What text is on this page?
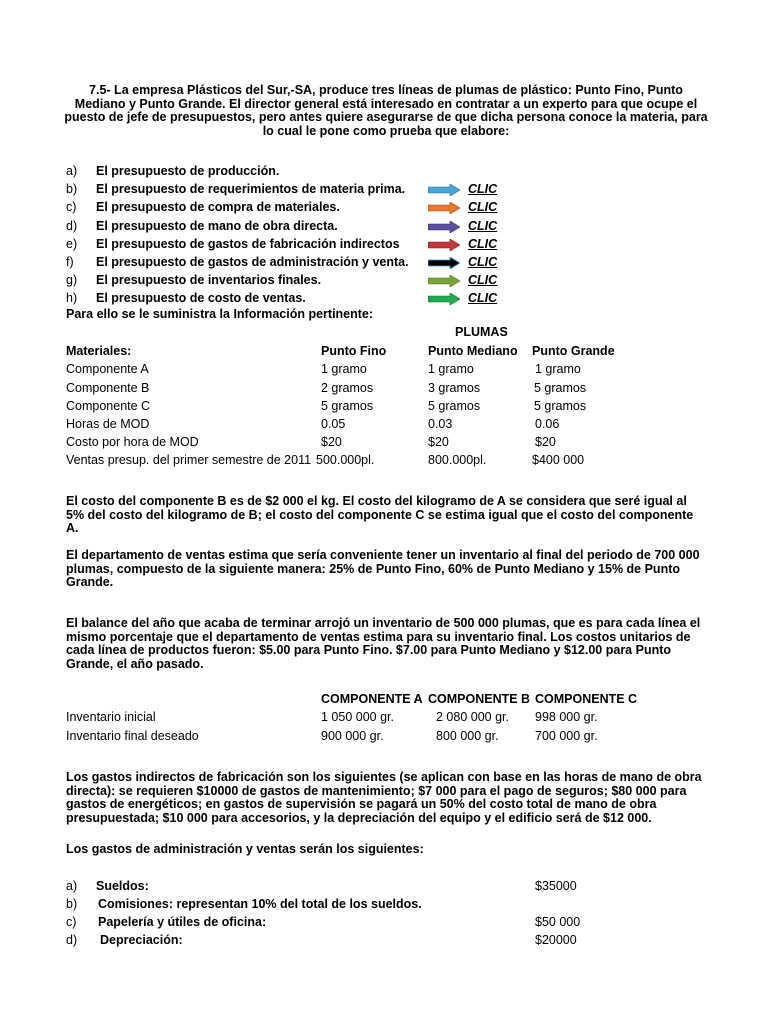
7.5- La empresa Plásticos del Sur,-SA, produce tres líneas de plumas de plástico: Punto Fino, Punto Mediano y Punto Grande. El director general está interesado en contratar a un experto para que ocupe el puesto de jefe de presupuestos, pero antes quiere asegurarse de que dicha persona conoce la materia, para lo cual le pone como prueba que elabore:
a) El presupuesto de producción.
b) El presupuesto de requerimientos de materia prima.	CLIC
c) El presupuesto de compra de materiales.	CLIC
d) El presupuesto de mano de obra directa.	CLIC
e) El presupuesto de gastos de fabricación indirectos	CLIC
f) El presupuesto de gastos de administración y venta.	CLIC
g) El presupuesto de inventarios finales.	CLIC
h) El presupuesto de costo de ventas.	CLIC
Para ello se le suministra la Información pertinente:
PLUMAS
Materiales:	Punto Fino	Punto Mediano Punto Grande
Componente A	1 gramo	1 gramo	1 gramo
Componente B	2 gramos	3 gramos	5 gramos
Componente C	5 gramos	5 gramos	5 gramos
Horas de MOD	0.05	0.03	0.06
Costo por hora de MOD	$20	$20	$20
Ventas presup. del primer semestre de 2011 500.000pl.	800.000pl.	$400 000
El costo del componente B es de $2 000 el kg. El costo del kilogramo de A se considera que seré igual al 5% del costo del kilogramo de B; el costo del componente C se estima igual que el costo del componente A.
El departamento de ventas estima que sería conveniente tener un inventario al final del periodo de 700 000 plumas, compuesto de la siguiente manera: 25% de Punto Fino, 60% de Punto Mediano y 15% de Punto Grande.
El balance del año que acaba de terminar arrojó un inventario de 500 000 plumas, que es para cada línea el mismo porcentaje que el departamento de ventas estima para su inventario final. Los costos unitarios de cada línea de productos fueron: $5.00 para Punto Fino. $7.00 para Punto Mediano y $12.00 para Punto Grande, el año pasado.
COMPONENTE A COMPONENTE B COMPONENTE C
Inventario inicial	1 050 000 gr.	2 080 000 gr. 998 000 gr.
Inventario final deseado	900 000 gr.	800 000 gr.	700 000 gr.
Los gastos indirectos de fabricación son los siguientes (se aplican con base en las horas de mano de obra directa): se requieren $10000 de gastos de mantenimiento; $7 000 para el pago de seguros; $80 000 para gastos de energéticos; en gastos de supervisión se pagará un 50% del costo total de mano de obra presupuestada; $10 000 para accesorios, y la depreciación del equipo y el edificio será de $12 000.
Los gastos de administración y ventas serán los siguientes:
a) Sueldos:	$35000
b) Comisiones: representan 10% del total de los sueldos.
c) Papelería y útiles de oficina:	$50 000
d) Depreciación:	$20000
